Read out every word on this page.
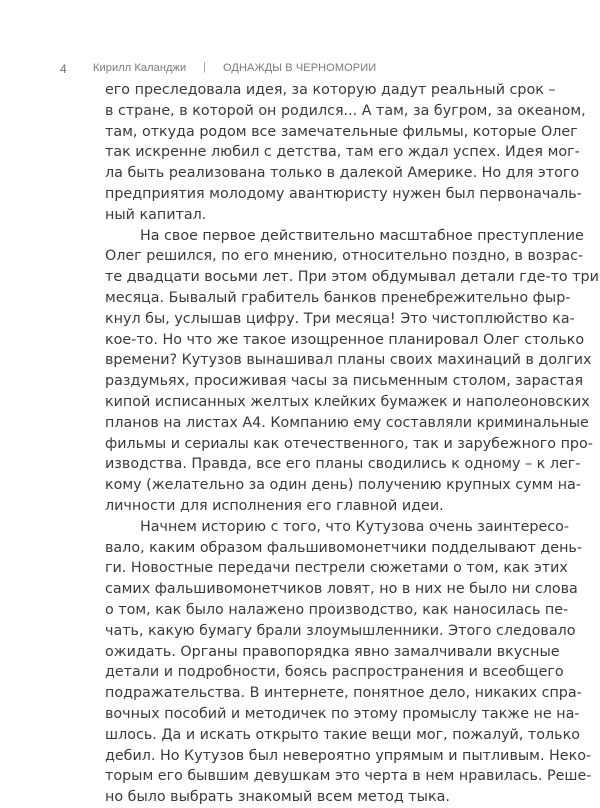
4 Кирилл Каланджи | ОДНАЖДЫ В ЧЕРНОМОРИИ
его преследовала идея, за которую дадут реальный срок –
в стране, в которой он родился... А там, за бугром, за океаном,
там, откуда родом все замечательные фильмы, которые Олег
так искренне любил с детства, там его ждал успех. Идея мог-
ла быть реализована только в далекой Америке. Но для этого
предприятия молодому авантюристу нужен был первоначаль-
ный капитал.
На свое первое действительно масштабное преступление
Олег решился, по его мнению, относительно поздно, в возрас-
те двадцати восьми лет. При этом обдумывал детали где-то три
месяца. Бывалый грабитель банков пренебрежительно фыр-
кнул бы, услышав цифру. Три месяца! Это чистоплюйство ка-
кое-то. Но что же такое изощренное планировал Олег столько
времени? Кутузов вынашивал планы своих махинаций в долгих
раздумьях, просиживая часы за письменным столом, зарастая
кипой исписанных желтых клейких бумажек и наполеоновских
планов на листах А4. Компанию ему составляли криминальные
фильмы и сериалы как отечественного, так и зарубежного про-
изводства. Правда, все его планы сводились к одному – к лег-
кому (желательно за один день) получению крупных сумм на-
личности для исполнения его главной идеи.
Начнем историю с того, что Кутузова очень заинтересо-
вало, каким образом фальшивомонетчики подделывают день-
ги. Новостные передачи пестрели сюжетами о том, как этих
самих фальшивомонетчиков ловят, но в них не было ни слова
о том, как было налажено производство, как наносилась пе-
чать, какую бумагу брали злоумышленники. Этого следовало
ожидать. Органы правопорядка явно замалчивали вкусные
детали и подробности, боясь распространения и всеобщего
подражательства. В интернете, понятное дело, никаких спра-
вочных пособий и методичек по этому промыслу также не на-
шлось. Да и искать открыто такие вещи мог, пожалуй, только
дебил. Но Кутузов был невероятно упрямым и пытливым. Неко-
торым его бывшим девушкам это черта в нем нравилась. Реше-
но было выбрать знакомый всем метод тыка.
